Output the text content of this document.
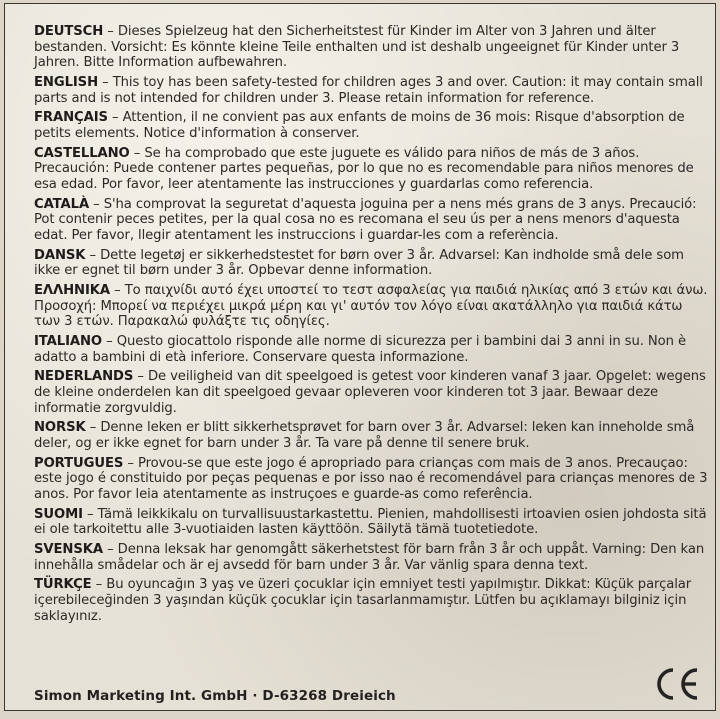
DEUTSCH – Dieses Spielzeug hat den Sicherheitstest für Kinder im Alter von 3 Jahren und älter bestanden. Vorsicht: Es könnte kleine Teile enthalten und ist deshalb ungeeignet für Kinder unter 3 Jahren. Bitte Information aufbewahren.
ENGLISH – This toy has been safety-tested for children ages 3 and over. Caution: it may contain small parts and is not intended for children under 3. Please retain information for reference.
FRANÇAIS – Attention, il ne convient pas aux enfants de moins de 36 mois: Risque d'absorption de petits elements. Notice d'information à conserver.
CASTELLANO – Se ha comprobado que este juguete es válido para niños de más de 3 años. Precaución: Puede contener partes pequeñas, por lo que no es recomendable para niños menores de esa edad. Por favor, leer atentamente las instrucciones y guardarlas como referencia.
CATALÀ – S'ha comprovat la seguretat d'aquesta joguina per a nens més grans de 3 anys. Precaució: Pot contenir peces petites, per la qual cosa no es recomana el seu ús per a nens menors d'aquesta edat. Per favor, llegir atentament les instruccions i guardar-les com a referència.
DANSK – Dette legetøj er sikkerhedstestet for børn over 3 år. Advarsel: Kan indholde små dele som ikke er egnet til børn under 3 år. Opbevar denne information.
ΕΛΛΗΝΙΚΑ – Το παιχνίδι αυτό έχει υποστεί το τεστ ασφαλείας για παιδιά ηλικίας από 3 ετών και άνω. Προσοχή: Μπορεί να περιέχει μικρά μέρη και γι' αυτόν τον λόγο είναι ακατάλληλο για παιδιά κάτω των 3 ετών. Παρακαλώ φυλάξτε τις οδηγίες.
ITALIANO – Questo giocattolo risponde alle norme di sicurezza per i bambini dai 3 anni in su. Non è adatto a bambini di età inferiore. Conservare questa informazione.
NEDERLANDS – De veiligheid van dit speelgoed is getest voor kinderen vanaf 3 jaar. Opgelet: wegens de kleine onderdelen kan dit speelgoed gevaar opleveren voor kinderen tot 3 jaar. Bewaar deze informatie zorgvuldig.
NORSK – Denne leken er blitt sikkerhetsprøvet for barn over 3 år. Advarsel: leken kan inneholde små deler, og er ikke egnet for barn under 3 år. Ta vare på denne til senere bruk.
PORTUGUES – Provou-se que este jogo é apropriado para crianças com mais de 3 anos. Precauçao: este jogo é constituido por peças pequenas e por isso nao é recomendável para crianças menores de 3 anos. Por favor leia atentamente as instruçoes e guarde-as como referência.
SUOMI – Tämä leikkikalu on turvallisuustarkastettu. Pienien, mahdollisesti irtoavien osien johdosta sitä ei ole tarkoitettu alle 3-vuotiaiden lasten käyttöön. Säilytä tämä tuotetiedote.
SVENSKA – Denna leksak har genomgått säkerhetstest för barn från 3 år och uppåt. Varning: Den kan innehålla smådelar och är ej avsedd för barn under 3 år. Var vänlig spara denna text.
TÜRKÇE – Bu oyuncağın 3 yaş ve üzeri çocuklar için emniyet testi yapılmıştır. Dikkat: Küçük parçalar içerebileceğinden 3 yaşından küçük çocuklar için tasarlanmamıştır. Lütfen bu açıklamayı bilginiz için saklayınız.
Simon Marketing Int. GmbH · D-63268 Dreieich
